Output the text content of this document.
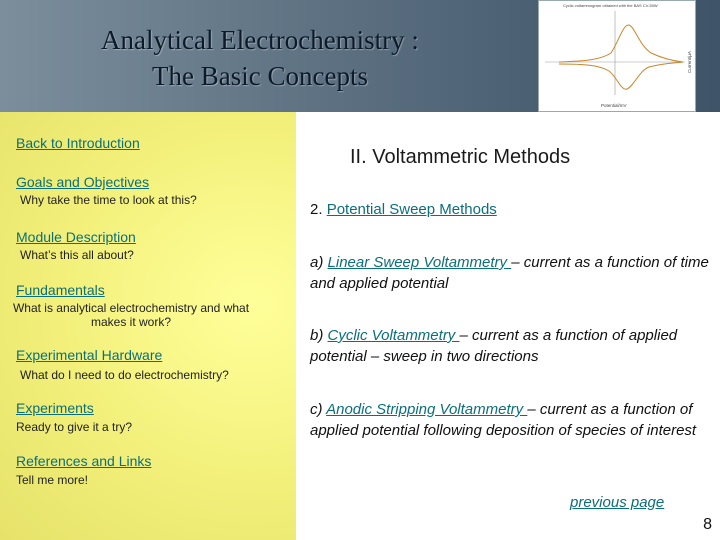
Analytical Electrochemistry :
The Basic Concepts
Cyclic voltammogram obtained with the BAS CV-50W
Potential/mV
Current/µA
Back to Introduction
Goals and Objectives
Why take the time to look at this?
Module Description
What’s this all about?
Fundamentals
What is analytical electrochemistry and what makes it work?
Experimental Hardware
What do I need to do electrochemistry?
Experiments
Ready to give it a try?
References and Links
Tell me more!
II. Voltammetric Methods
2. Potential Sweep Methods
a) Linear Sweep Voltammetry – current as a function of time and applied potential
b) Cyclic Voltammetry – current as a function of applied potential – sweep in two directions
c) Anodic Stripping Voltammetry – current as a function of applied potential following deposition of species of interest
previous page
8
